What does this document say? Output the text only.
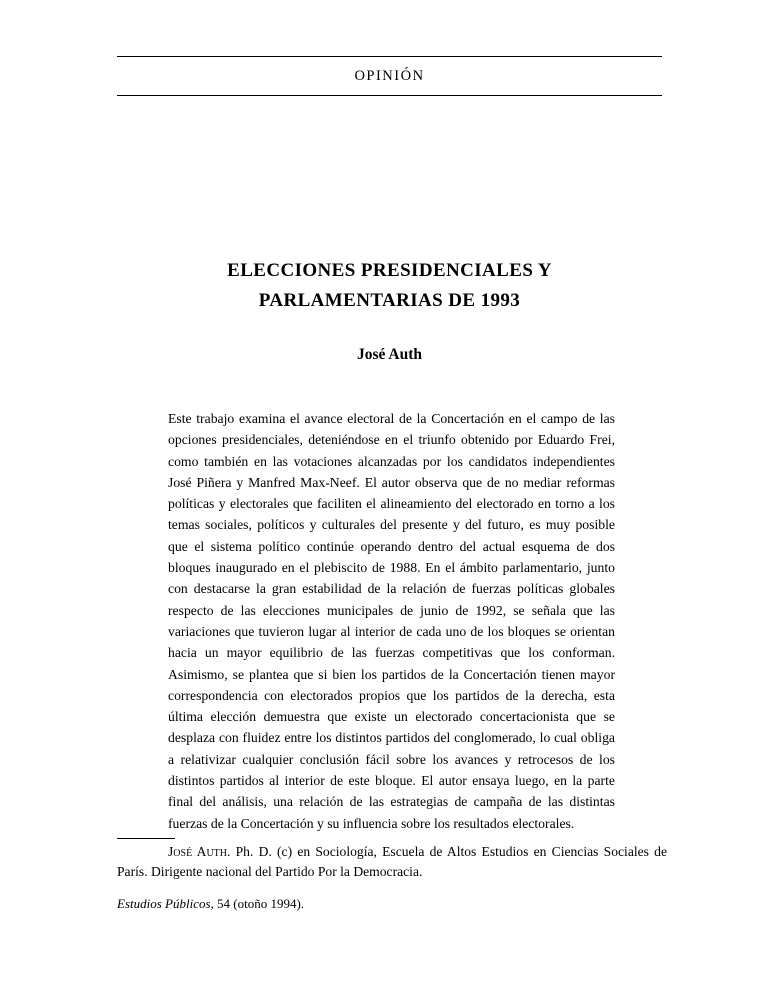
OPINIÓN
ELECCIONES PRESIDENCIALES Y
PARLAMENTARIAS DE 1993
José Auth

Este trabajo examina el avance electoral de la Concertación en el campo de las opciones presidenciales, deteniéndose en el triunfo obtenido por Eduardo Frei, como también en las votaciones alcanzadas por los candidatos independientes José Piñera y Manfred Max-Neef. El autor observa que de no mediar reformas políticas y electorales que faciliten el alineamiento del electorado en torno a los temas sociales, políticos y culturales del presente y del futuro, es muy posible que el sistema político continúe operando dentro del actual esquema de dos bloques inaugurado en el plebiscito de 1988. En el ámbito parlamentario, junto con destacarse la gran estabilidad de la relación de fuerzas políticas globales respecto de las elecciones municipales de junio de 1992, se señala que las variaciones que tuvieron lugar al interior de cada uno de los bloques se orientan hacia un mayor equilibrio de las fuerzas competitivas que los conforman. Asimismo, se plantea que si bien los partidos de la Concertación tienen mayor correspondencia con electorados propios que los partidos de la derecha, esta última elección demuestra que existe un electorado concertacionista que se desplaza con fluidez entre los distintos partidos del conglomerado, lo cual obliga a relativizar cualquier conclusión fácil sobre los avances y retrocesos de los distintos partidos al interior de este bloque. El autor ensaya luego, en la parte final del análisis, una relación de las estrategias de campaña de las distintas fuerzas de la Concertación y su influencia sobre los resultados electorales.

José Auth. Ph. D. (c) en Sociología, Escuela de Altos Estudios en Ciencias Sociales de París. Dirigente nacional del Partido Por la Democracia.

Estudios Públicos, 54 (otoño 1994).
